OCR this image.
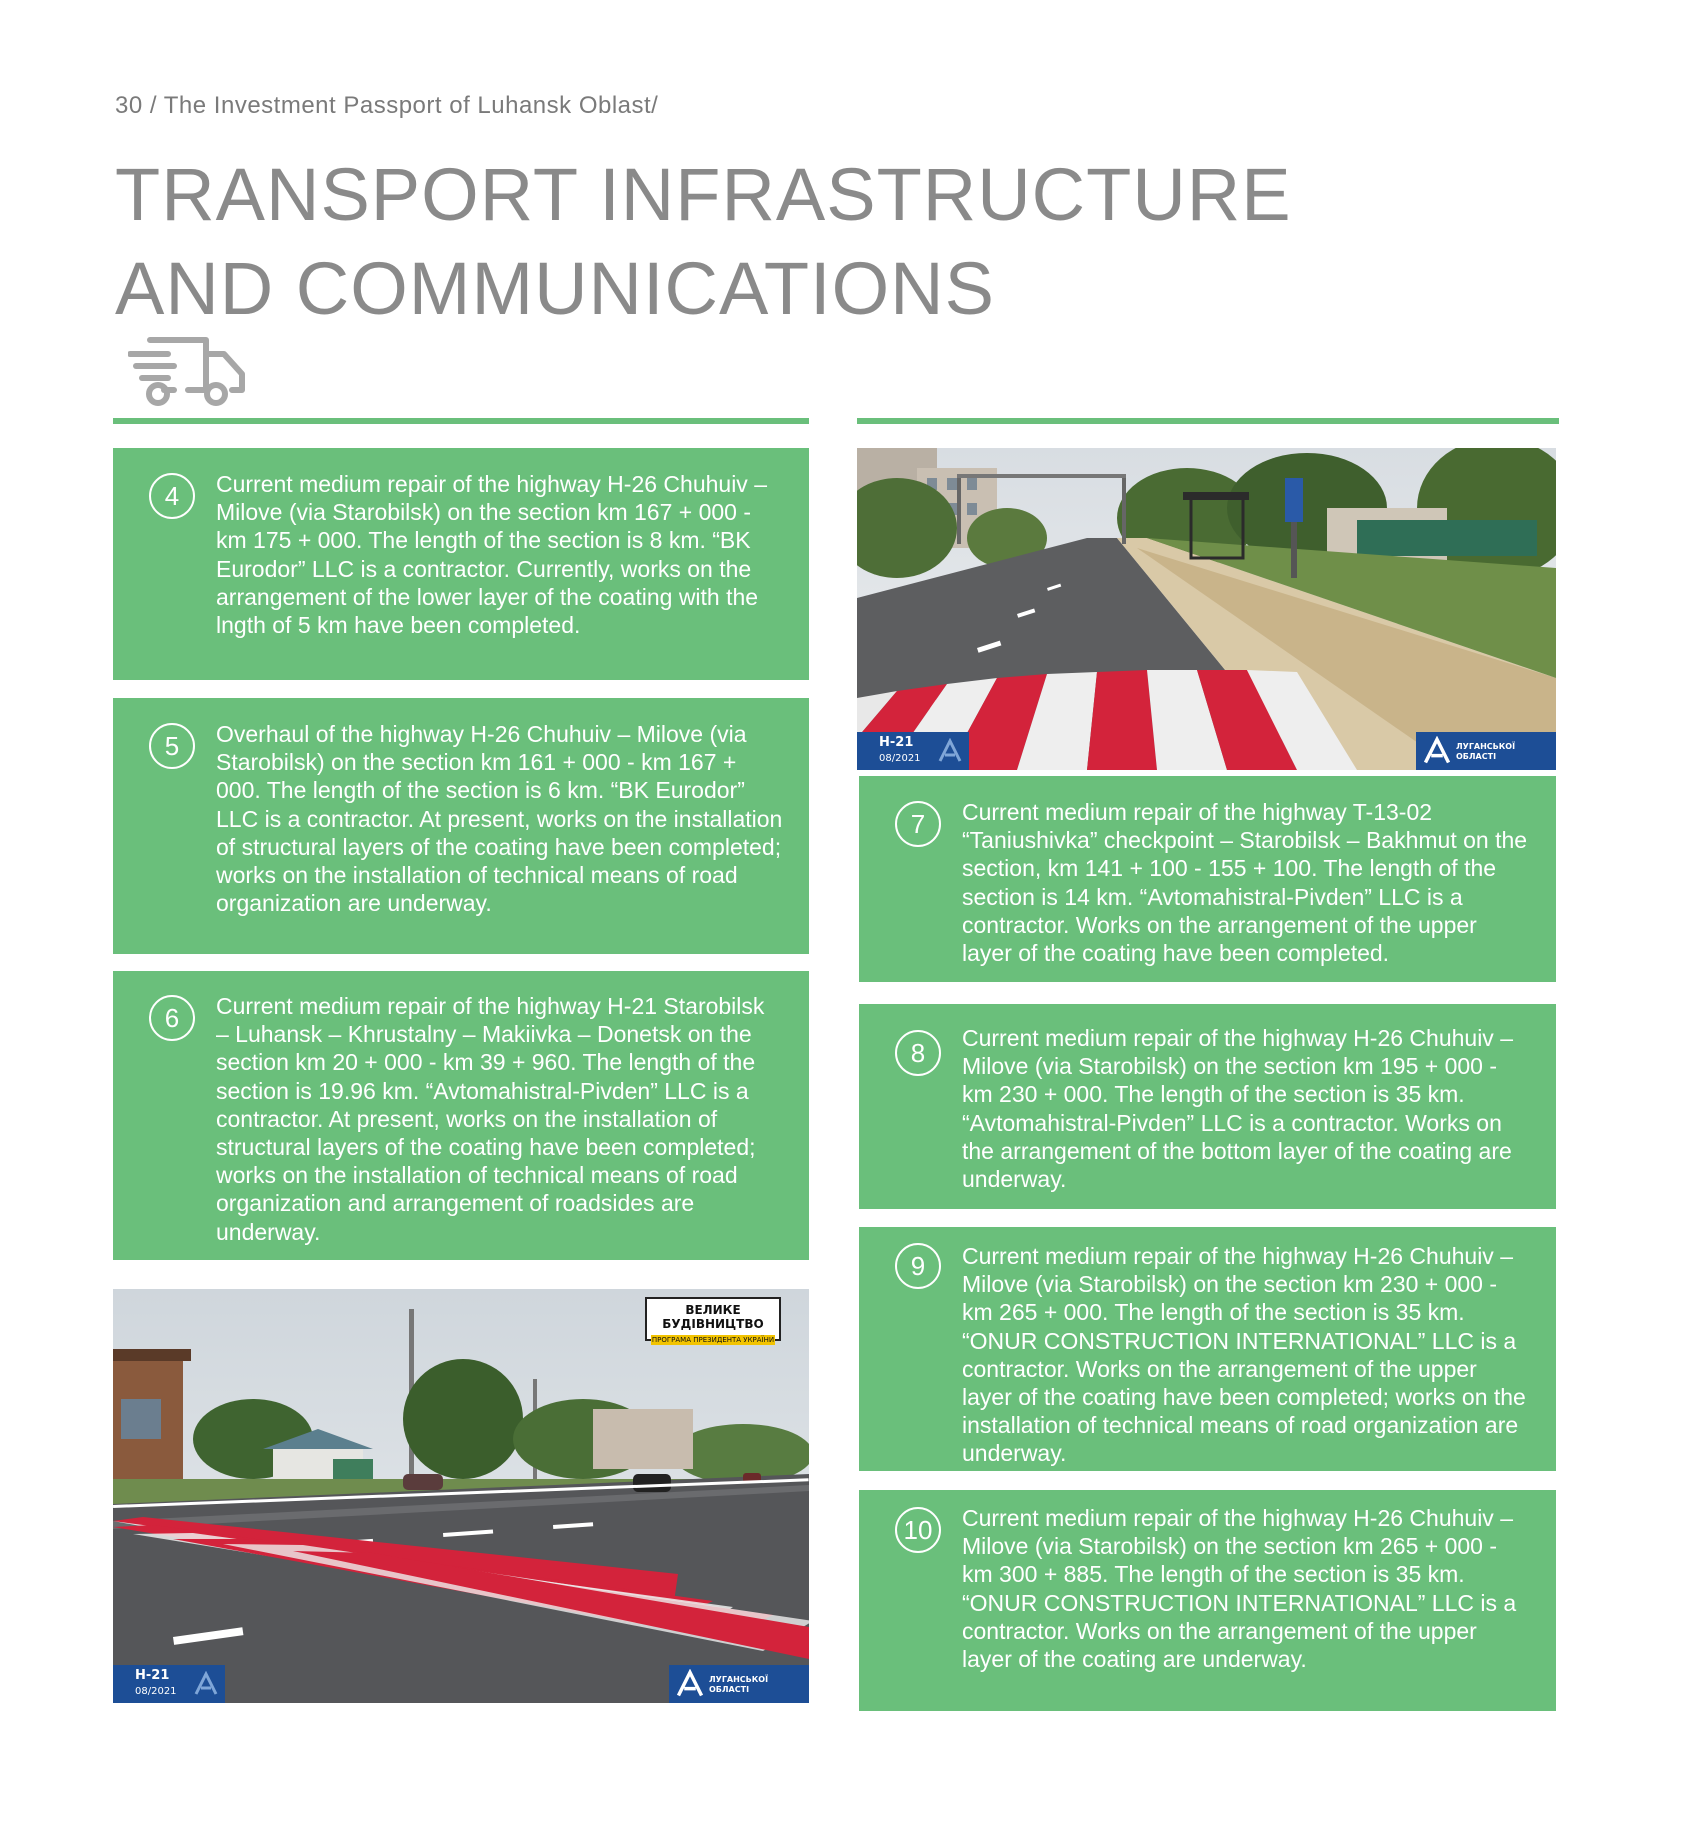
30 / The Investment Passport of Luhansk Oblast/
TRANSPORT INFRASTRUCTURE AND COMMUNICATIONS
4	Current medium repair of the highway H-26 Chuhuiv – Milove (via Starobilsk) on the section km 167 + 000 - km 175 + 000. The length of the section is 8 km. “BK Eurodor” LLC is a contractor. Currently, works on the arrangement of the lower layer of the coating with the lngth of 5 km have been completed.
5	Overhaul of the highway H-26 Chuhuiv – Milove (via Starobilsk) on the section km 161 + 000 - km 167 + 000. The length of the section is 6 km. “BK Eurodor” LLC is a contractor. At present, works on the installation of structural layers of the coating have been completed; works on the installation of technical means of road organization are underway.
6	Current medium repair of the highway H-21 Starobilsk – Luhansk – Khrustalny – Makiivka – Donetsk on the section km 20 + 000 - km 39 + 960. The length of the section is 19.96 km. “Avtomahistral-Pivden” LLC is a contractor. At present, works on the installation of structural layers of the coating have been completed; works on the installation of technical means of road organization and arrangement of roadsides are underway.
7	Current medium repair of the highway T-13-02 “Taniushivka” checkpoint – Starobilsk – Bakhmut on the section, km 141 + 100 - 155 + 100. The length of the section is 14 km. “Avtomahistral-Pivden” LLC is a contractor. Works on the arrangement of the upper layer of the coating have been completed.
8	Current medium repair of the highway H-26 Chuhuiv – Milove (via Starobilsk) on the section km 195 + 000 - km 230 + 000. The length of the section is 35 km. “Avtomahistral-Pivden” LLC is a contractor. Works on the arrangement of the bottom layer of the coating are underway.
9	Current medium repair of the highway H-26 Chuhuiv – Milove (via Starobilsk) on the section km 230 + 000 - km 265 + 000. The length of the section is 35 km. “ONUR CONSTRUCTION INTERNATIONAL” LLC is a contractor. Works on the arrangement of the upper layer of the coating have been completed; works on the installation of technical means of road organization are underway.
10	Current medium repair of the highway H-26 Chuhuiv – Milove (via Starobilsk) on the section km 265 + 000 - km 300 + 885. The length of the section is 35 km. “ONUR CONSTRUCTION INTERNATIONAL” LLC is a contractor. Works on the arrangement of the upper layer of the coating are underway.
H-21
08/2021
ЛУГАНСЬКОЇ ОБЛАСТІ
ВЕЛИКЕ БУДІВНИЦТВО
ПРОГРАМА ПРЕЗИДЕНТА УКРАЇНИ
H-21
08/2021
ЛУГАНСЬКОЇ ОБЛАСТІ
